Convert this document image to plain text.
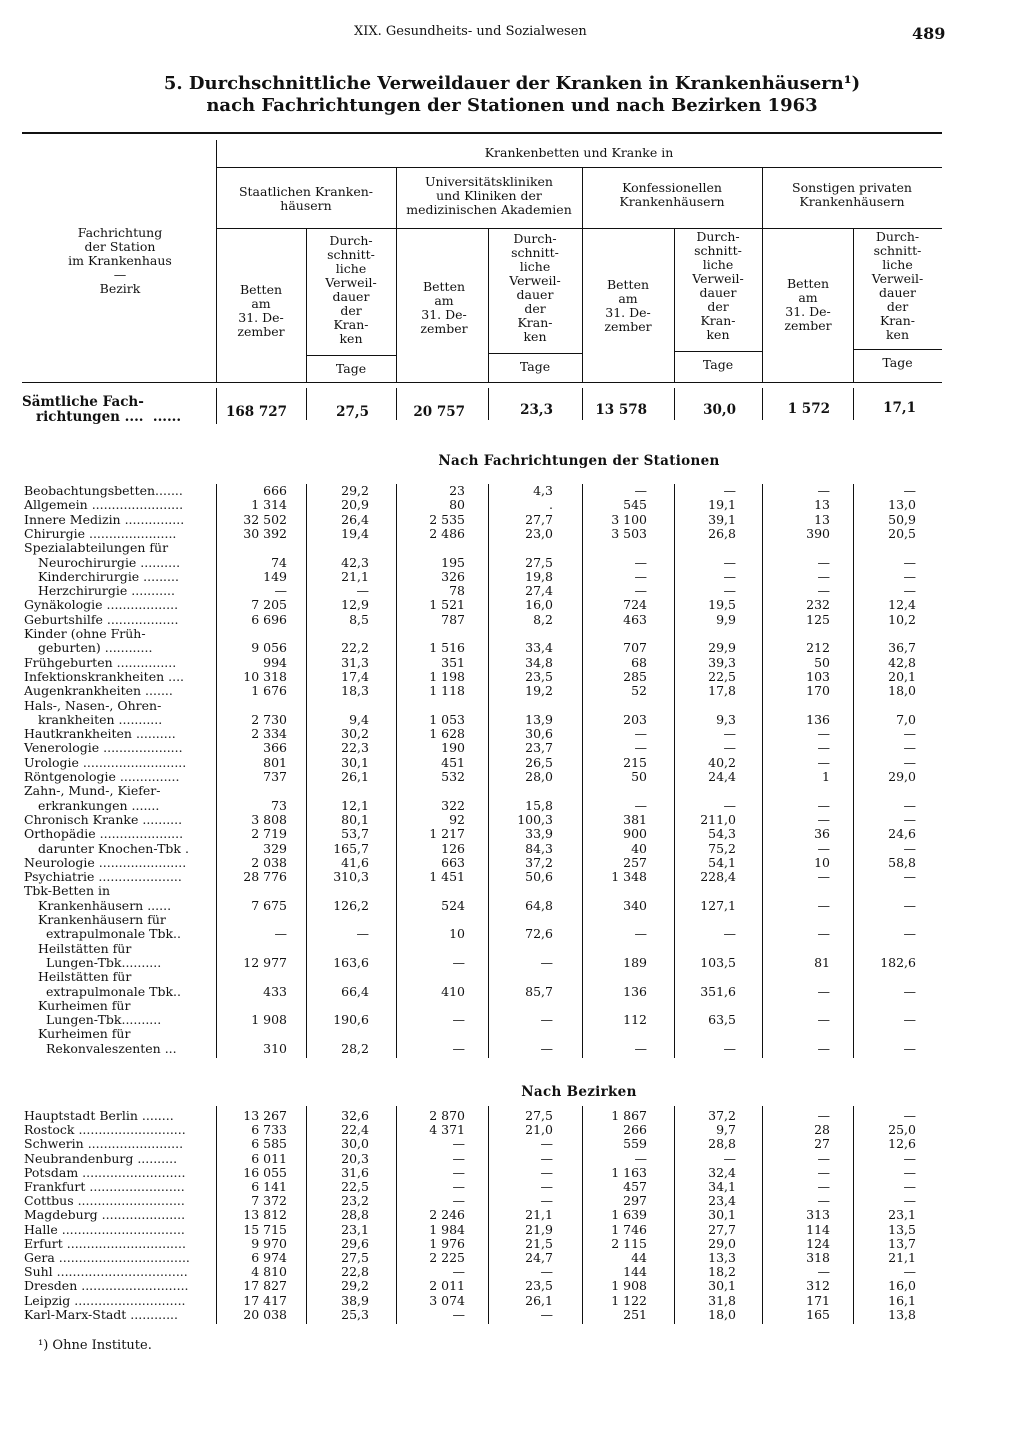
XIX. Gesundheits- und Sozialwesen	489
5. Durchschnittliche Verweildauer der Kranken in Krankenhäusern¹)
nach Fachrichtungen der Stationen und nach Bezirken 1963
Fachrichtung
der Station
im Krankenhaus
—
Bezirk
Krankenbetten und Kranke in
Staatlichen Kranken-
häusern
Universitätskliniken
und Kliniken der
medizinischen Akademien
Konfessionellen
Krankenhäusern
Sonstigen privaten
Krankenhäusern
Betten
am
31. De-
zember
Durch-
schnitt-
liche
Verweil-
dauer
der
Kran-
ken
Betten
am
31. De-
zember
Durch-
schnitt-
liche
Verweil-
dauer
der
Kran-
ken
Betten
am
31. De-
zember
Durch-
schnitt-
liche
Verweil-
dauer
der
Kran-
ken
Betten
am
31. De-
zember
Durch-
schnitt-
liche
Verweil-
dauer
der
Kran-
ken
Tage	Tage	Tage	Tage
Sämtliche Fach-
richtungen ....  ......	168 727	27,5	20 757	23,3	13 578	30,0	1 572	17,1
Nach Fachrichtungen der Stationen
Nach Bezirken
Beobachtungsbetten.......	666	29,2	23	4,3	—	—	—	—
Allgemein .......................	1 314	20,9	80	.	545	19,1	13	13,0
Innere Medizin ...............	32 502	26,4	2 535	27,7	3 100	39,1	13	50,9
Chirurgie ......................	30 392	19,4	2 486	23,0	3 503	26,8	390	20,5
Spezialabteilungen für
Neurochirurgie ..........	74	42,3	195	27,5	—	—	—	—
Kinderchirurgie .........	149	21,1	326	19,8	—	—	—	—
Herzchirurgie ...........	—	—	78	27,4	—	—	—	—
Gynäkologie ..................	7 205	12,9	1 521	16,0	724	19,5	232	12,4
Geburtshilfe ..................	6 696	8,5	787	8,2	463	9,9	125	10,2
Kinder (ohne Früh-
geburten) ............	9 056	22,2	1 516	33,4	707	29,9	212	36,7
Frühgeburten ...............	994	31,3	351	34,8	68	39,3	50	42,8
Infektionskrankheiten ....	10 318	17,4	1 198	23,5	285	22,5	103	20,1
Augenkrankheiten .......	1 676	18,3	1 118	19,2	52	17,8	170	18,0
Hals-, Nasen-, Ohren-
krankheiten ...........	2 730	9,4	1 053	13,9	203	9,3	136	7,0
Hautkrankheiten ..........	2 334	30,2	1 628	30,6	—	—	—	—
Venerologie ....................	366	22,3	190	23,7	—	—	—	—
Urologie ..........................	801	30,1	451	26,5	215	40,2	—	—
Röntgenologie ...............	737	26,1	532	28,0	50	24,4	1	29,0
Zahn-, Mund-, Kiefer-
erkrankungen .......	73	12,1	322	15,8	—	—	—	—
Chronisch Kranke ..........	3 808	80,1	92	100,3	381	211,0	—	—
Orthopädie .....................	2 719	53,7	1 217	33,9	900	54,3	36	24,6
darunter Knochen-Tbk .	329	165,7	126	84,3	40	75,2	—	—
Neurologie ......................	2 038	41,6	663	37,2	257	54,1	10	58,8
Psychiatrie .....................	28 776	310,3	1 451	50,6	1 348	228,4	—	—
Tbk-Betten in
Krankenhäusern ......	7 675	126,2	524	64,8	340	127,1	—	—
Krankenhäusern für
extrapulmonale Tbk..	—	—	10	72,6	—	—	—	—
Heilstätten für
Lungen-Tbk..........	12 977	163,6	—	—	189	103,5	81	182,6
Heilstätten für
extrapulmonale Tbk..	433	66,4	410	85,7	136	351,6	—	—
Kurheimen für
Lungen-Tbk..........	1 908	190,6	—	—	112	63,5	—	—
Kurheimen für
Rekonvaleszenten ...	310	28,2	—	—	—	—	—	—
Hauptstadt Berlin ........	13 267	32,6	2 870	27,5	1 867	37,2	—	—
Rostock ...........................	6 733	22,4	4 371	21,0	266	9,7	28	25,0
Schwerin ........................	6 585	30,0	—	—	559	28,8	27	12,6
Neubrandenburg ..........	6 011	20,3	—	—	—	—	—	—
Potsdam ..........................	16 055	31,6	—	—	1 163	32,4	—	—
Frankfurt ........................	6 141	22,5	—	—	457	34,1	—	—
Cottbus ...........................	7 372	23,2	—	—	297	23,4	—	—
Magdeburg .....................	13 812	28,8	2 246	21,1	1 639	30,1	313	23,1
Halle ...............................	15 715	23,1	1 984	21,9	1 746	27,7	114	13,5
Erfurt ..............................	9 970	29,6	1 976	21,5	2 115	29,0	124	13,7
Gera .................................	6 974	27,5	2 225	24,7	44	13,3	318	21,1
Suhl .................................	4 810	22,8	—	—	144	18,2	—	—
Dresden ...........................	17 827	29,2	2 011	23,5	1 908	30,1	312	16,0
Leipzig ............................	17 417	38,9	3 074	26,1	1 122	31,8	171	16,1
Karl-Marx-Stadt ............	20 038	25,3	—	—	251	18,0	165	13,8
¹) Ohne Institute.
